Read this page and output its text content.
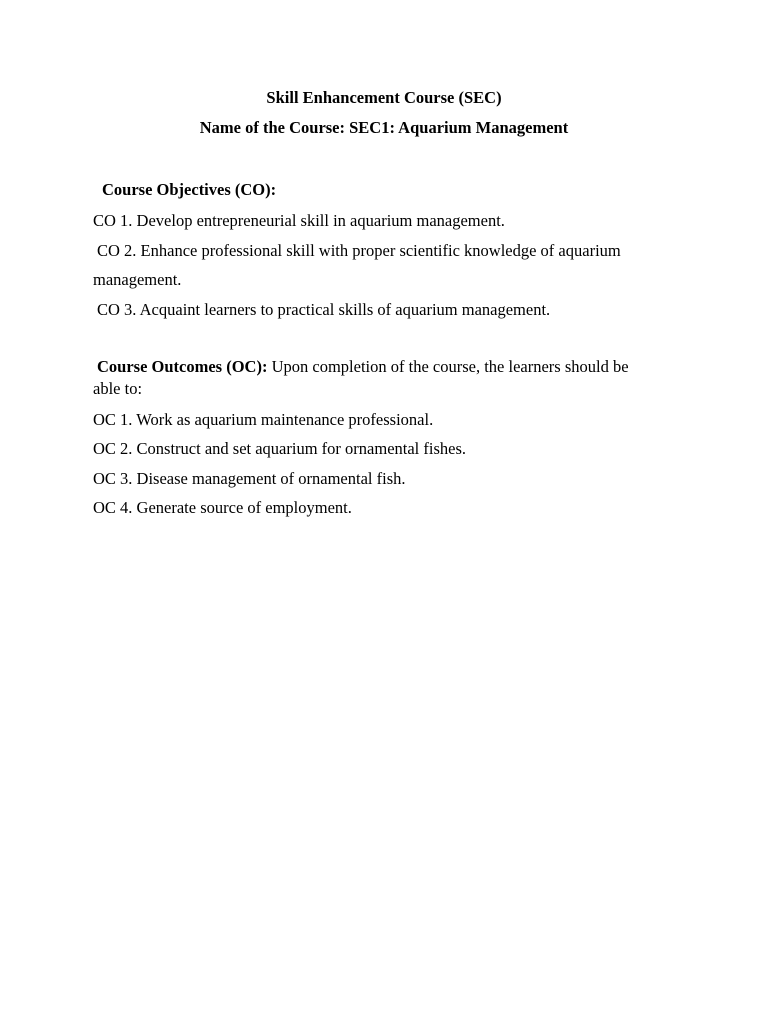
Skill Enhancement Course (SEC)
Name of the Course: SEC1: Aquarium Management
Course Objectives (CO):
CO 1. Develop entrepreneurial skill in aquarium management.
CO 2. Enhance professional skill with proper scientific knowledge of aquarium
management.
CO 3. Acquaint learners to practical skills of aquarium management.
Course Outcomes (OC): Upon completion of the course, the learners should be
able to:
OC 1. Work as aquarium maintenance professional.
OC 2. Construct and set aquarium for ornamental fishes.
OC 3. Disease management of ornamental fish.
OC 4. Generate source of employment.
